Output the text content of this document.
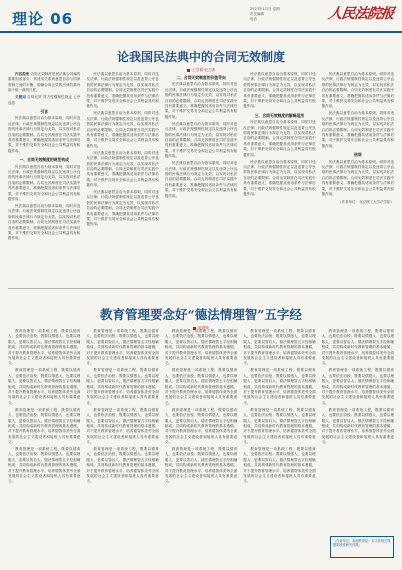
理论 06
2023年1月日 星期
责任编辑
电话	人民法院报
论我国民法典中的合同无效制度
王学棉 史之康

内容提要 合同无效制度是民法典合同编的重要组成部分，其适用关系到意思自治与国家管制之间的平衡，明确合同无效的法律效果有助于统一裁判尺度。

关键词 合同无效 效力性强制性规定 公序良俗

引言

民法典以意思自治为基本原则，同时对违反法律、行政法规强制性规定以及违背公序良俗的民事法律行为规定为无效，以实现对私法自治的必要限制。合同无效制度在司法实践中具有重要意义，准确把握其适用条件与法律后果，对于维护交易安全和社会公共利益具有积极作用。

一、合同无效制度的规范构成

民法典以意思自治为基本原则，同时对违反法律、行政法规强制性规定以及违背公序良俗的民事法律行为规定为无效，以实现对私法自治的必要限制。合同无效制度在司法实践中具有重要意义，准确把握其适用条件与法律后果，对于维护交易安全和社会公共利益具有积极作用。

民法典以意思自治为基本原则，同时对违反法律、行政法规强制性规定以及违背公序良俗的民事法律行为规定为无效，以实现对私法自治的必要限制。合同无效制度在司法实践中具有重要意义，准确把握其适用条件与法律后果，对于维护交易安全和社会公共利益具有积极作用。

民法典以意思自治为基本原则，同时对违反法律、行政法规强制性规定以及违背公序良俗的民事法律行为规定为无效，以实现对私法自治的必要限制。合同无效制度在司法实践中具有重要意义，准确把握其适用条件与法律后果，对于维护交易安全和社会公共利益具有积极作用。

民法典以意思自治为基本原则，同时对违反法律、行政法规强制性规定以及违背公序良俗的民事法律行为规定为无效，以实现对私法自治的必要限制。合同无效制度在司法实践中具有重要意义，准确把握其适用条件与法律后果，对于维护交易安全和社会公共利益具有积极作用。

民法典以意思自治为基本原则，同时对违反法律、行政法规强制性规定以及违背公序良俗的民事法律行为规定为无效，以实现对私法自治的必要限制。合同无效制度在司法实践中具有重要意义，准确把握其适用条件与法律后果，对于维护交易安全和社会公共利益具有积极作用。

民法典以意思自治为基本原则，同时对违反法律、行政法规强制性规定以及违背公序良俗的民事法律行为规定为无效，以实现对私法自治的必要限制。合同无效制度在司法实践中具有重要意义，准确把握其适用条件与法律后果，对于维护交易安全和社会公共利益具有积极作用。

二、合同无效制度的价值导向

民法典以意思自治为基本原则，同时对违反法律、行政法规强制性规定以及违背公序良俗的民事法律行为规定为无效，以实现对私法自治的必要限制。合同无效制度在司法实践中具有重要意义，准确把握其适用条件与法律后果，对于维护交易安全和社会公共利益具有积极作用。

民法典以意思自治为基本原则，同时对违反法律、行政法规强制性规定以及违背公序良俗的民事法律行为规定为无效，以实现对私法自治的必要限制。合同无效制度在司法实践中具有重要意义，准确把握其适用条件与法律后果，对于维护交易安全和社会公共利益具有积极作用。

民法典以意思自治为基本原则，同时对违反法律、行政法规强制性规定以及违背公序良俗的民事法律行为规定为无效，以实现对私法自治的必要限制。合同无效制度在司法实践中具有重要意义，准确把握其适用条件与法律后果，对于维护交易安全和社会公共利益具有积极作用。

民法典以意思自治为基本原则，同时对违反法律、行政法规强制性规定以及违背公序良俗的民事法律行为规定为无效，以实现对私法自治的必要限制。合同无效制度在司法实践中具有重要意义，准确把握其适用条件与法律后果，对于维护交易安全和社会公共利益具有积极作用。

三、合同无效制度的解释适用

民法典以意思自治为基本原则，同时对违反法律、行政法规强制性规定以及违背公序良俗的民事法律行为规定为无效，以实现对私法自治的必要限制。合同无效制度在司法实践中具有重要意义，准确把握其适用条件与法律后果，对于维护交易安全和社会公共利益具有积极作用。

民法典以意思自治为基本原则，同时对违反法律、行政法规强制性规定以及违背公序良俗的民事法律行为规定为无效，以实现对私法自治的必要限制。合同无效制度在司法实践中具有重要意义，准确把握其适用条件与法律后果，对于维护交易安全和社会公共利益具有积极作用。

民法典以意思自治为基本原则，同时对违反法律、行政法规强制性规定以及违背公序良俗的民事法律行为规定为无效，以实现对私法自治的必要限制。合同无效制度在司法实践中具有重要意义，准确把握其适用条件与法律后果，对于维护交易安全和社会公共利益具有积极作用。

民法典以意思自治为基本原则，同时对违反法律、行政法规强制性规定以及违背公序良俗的民事法律行为规定为无效，以实现对私法自治的必要限制。合同无效制度在司法实践中具有重要意义，准确把握其适用条件与法律后果，对于维护交易安全和社会公共利益具有积极作用。

结语

民法典以意思自治为基本原则，同时对违反法律、行政法规强制性规定以及违背公序良俗的民事法律行为规定为无效，以实现对私法自治的必要限制。合同无效制度在司法实践中具有重要意义，准确把握其适用条件与法律后果，对于维护交易安全和社会公共利益具有积极作用。

（作者单位：北京理工大学法学院）
教育管理要念好“德法情理智”五字经
陈国荣

教育管理是一项系统工程，既要以德育人，也要依法治校；既要以情感人，也要以理服人，更要以智启人。德法情理智五字经相辅相成，共同构成新时代教育管理的基本遵循，对于提升教育管理水平、培养德智体美劳全面发展的社会主义建设者和接班人具有重要意义。

教育管理是一项系统工程，既要以德育人，也要依法治校；既要以情感人，也要以理服人，更要以智启人。德法情理智五字经相辅相成，共同构成新时代教育管理的基本遵循，对于提升教育管理水平、培养德智体美劳全面发展的社会主义建设者和接班人具有重要意义。

教育管理是一项系统工程，既要以德育人，也要依法治校；既要以情感人，也要以理服人，更要以智启人。德法情理智五字经相辅相成，共同构成新时代教育管理的基本遵循，对于提升教育管理水平、培养德智体美劳全面发展的社会主义建设者和接班人具有重要意义。

教育管理是一项系统工程，既要以德育人，也要依法治校；既要以情感人，也要以理服人，更要以智启人。德法情理智五字经相辅相成，共同构成新时代教育管理的基本遵循，对于提升教育管理水平、培养德智体美劳全面发展的社会主义建设者和接班人具有重要意义。

教育管理是一项系统工程，既要以德育人，也要依法治校；既要以情感人，也要以理服人，更要以智启人。德法情理智五字经相辅相成，共同构成新时代教育管理的基本遵循，对于提升教育管理水平、培养德智体美劳全面发展的社会主义建设者和接班人具有重要意义。

教育管理是一项系统工程，既要以德育人，也要依法治校；既要以情感人，也要以理服人，更要以智启人。德法情理智五字经相辅相成，共同构成新时代教育管理的基本遵循，对于提升教育管理水平、培养德智体美劳全面发展的社会主义建设者和接班人具有重要意义。

教育管理是一项系统工程，既要以德育人，也要依法治校；既要以情感人，也要以理服人，更要以智启人。德法情理智五字经相辅相成，共同构成新时代教育管理的基本遵循，对于提升教育管理水平、培养德智体美劳全面发展的社会主义建设者和接班人具有重要意义。

教育管理是一项系统工程，既要以德育人，也要依法治校；既要以情感人，也要以理服人，更要以智启人。德法情理智五字经相辅相成，共同构成新时代教育管理的基本遵循，对于提升教育管理水平、培养德智体美劳全面发展的社会主义建设者和接班人具有重要意义。

教育管理是一项系统工程，既要以德育人，也要依法治校；既要以情感人，也要以理服人，更要以智启人。德法情理智五字经相辅相成，共同构成新时代教育管理的基本遵循，对于提升教育管理水平、培养德智体美劳全面发展的社会主义建设者和接班人具有重要意义。

教育管理是一项系统工程，既要以德育人，也要依法治校；既要以情感人，也要以理服人，更要以智启人。德法情理智五字经相辅相成，共同构成新时代教育管理的基本遵循，对于提升教育管理水平、培养德智体美劳全面发展的社会主义建设者和接班人具有重要意义。

教育管理是一项系统工程，既要以德育人，也要依法治校；既要以情感人，也要以理服人，更要以智启人。德法情理智五字经相辅相成，共同构成新时代教育管理的基本遵循，对于提升教育管理水平、培养德智体美劳全面发展的社会主义建设者和接班人具有重要意义。

教育管理是一项系统工程，既要以德育人，也要依法治校；既要以情感人，也要以理服人，更要以智启人。德法情理智五字经相辅相成，共同构成新时代教育管理的基本遵循，对于提升教育管理水平、培养德智体美劳全面发展的社会主义建设者和接班人具有重要意义。

教育管理是一项系统工程，既要以德育人，也要依法治校；既要以情感人，也要以理服人，更要以智启人。德法情理智五字经相辅相成，共同构成新时代教育管理的基本遵循，对于提升教育管理水平、培养德智体美劳全面发展的社会主义建设者和接班人具有重要意义。

教育管理是一项系统工程，既要以德育人，也要依法治校；既要以情感人，也要以理服人，更要以智启人。德法情理智五字经相辅相成，共同构成新时代教育管理的基本遵循，对于提升教育管理水平、培养德智体美劳全面发展的社会主义建设者和接班人具有重要意义。

教育管理是一项系统工程，既要以德育人，也要依法治校；既要以情感人，也要以理服人，更要以智启人。德法情理智五字经相辅相成，共同构成新时代教育管理的基本遵循，对于提升教育管理水平、培养德智体美劳全面发展的社会主义建设者和接班人具有重要意义。

教育管理是一项系统工程，既要以德育人，也要依法治校；既要以情感人，也要以理服人，更要以智启人。德法情理智五字经相辅相成，共同构成新时代教育管理的基本遵循，对于提升教育管理水平、培养德智体美劳全面发展的社会主义建设者和接班人具有重要意义。

教育管理是一项系统工程，既要以德育人，也要依法治校；既要以情感人，也要以理服人，更要以智启人。德法情理智五字经相辅相成，共同构成新时代教育管理的基本遵循，对于提升教育管理水平、培养德智体美劳全面发展的社会主义建设者和接班人具有重要意义。

教育管理是一项系统工程，既要以德育人，也要依法治校；既要以情感人，也要以理服人，更要以智启人。德法情理智五字经相辅相成，共同构成新时代教育管理的基本遵循，对于提升教育管理水平、培养德智体美劳全面发展的社会主义建设者和接班人具有重要意义。

教育管理是一项系统工程，既要以德育人，也要依法治校；既要以情感人，也要以理服人，更要以智启人。德法情理智五字经相辅相成，共同构成新时代教育管理的基本遵循，对于提升教育管理水平、培养德智体美劳全面发展的社会主义建设者和接班人具有重要意义。

（作者单位：某地教育局）本文系相关课题阶段性研究成果。
